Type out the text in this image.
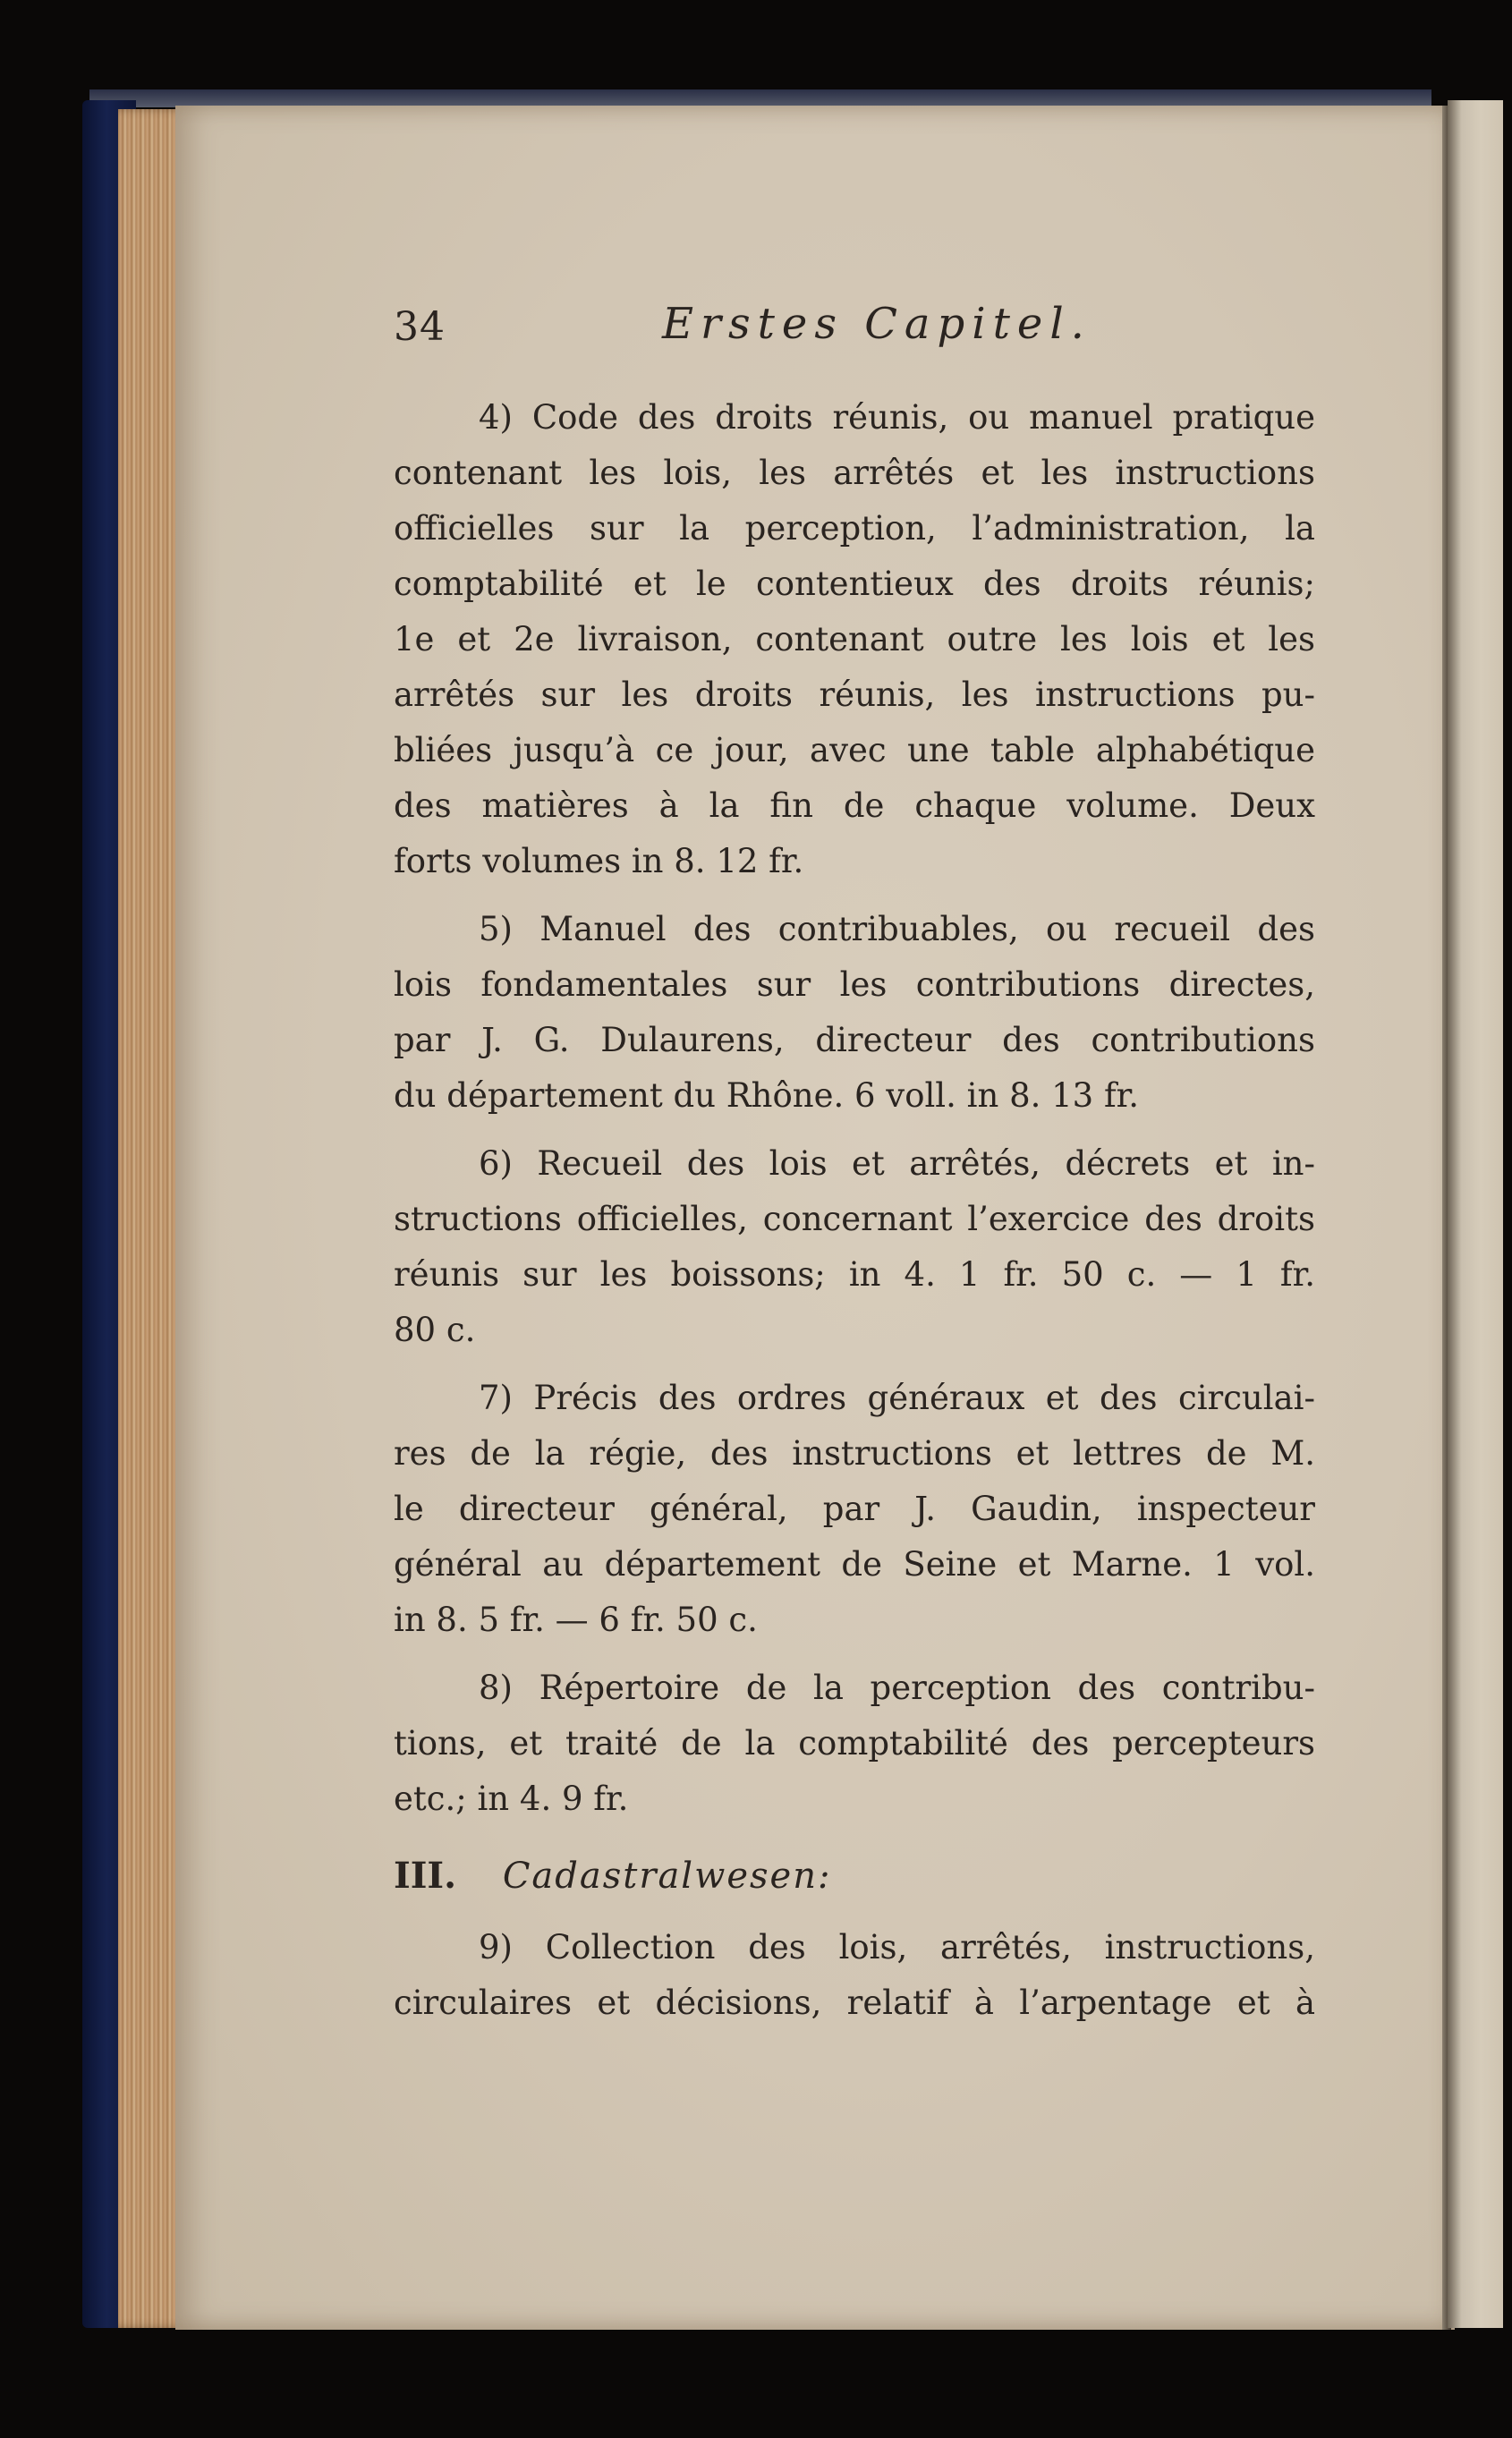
34	Erstes Capitel.
4) Code des droits réunis, ou manuel pratique
contenant les lois, les arrêtés et les instructions
officielles sur la perception, l’administration, la
comptabilité et le contentieux des droits réunis;
1e et 2e livraison, contenant outre les lois et les
arrêtés sur les droits réunis, les instructions pu-
bliées jusqu’à ce jour, avec une table alphabétique
des matières à la fin de chaque volume. Deux
forts volumes in 8. 12 fr.
5) Manuel des contribuables, ou recueil des
lois fondamentales sur les contributions directes,
par J. G. Dulaurens, directeur des contributions
du département du Rhône. 6 voll. in 8. 13 fr.
6) Recueil des lois et arrêtés, décrets et in-
structions officielles, concernant l’exercice des droits
réunis sur les boissons; in 4. 1 fr. 50 c. — 1 fr.
80 c.
7) Précis des ordres généraux et des circulai-
res de la régie, des instructions et lettres de M.
le directeur général, par J. Gaudin, inspecteur
général au département de Seine et Marne. 1 vol.
in 8. 5 fr. — 6 fr. 50 c.
8) Répertoire de la perception des contribu-
tions, et traité de la comptabilité des percepteurs
etc.; in 4. 9 fr.
III. Cadastralwesen:
9) Collection des lois, arrêtés, instructions,
circulaires et décisions, relatif à l’arpentage et à
